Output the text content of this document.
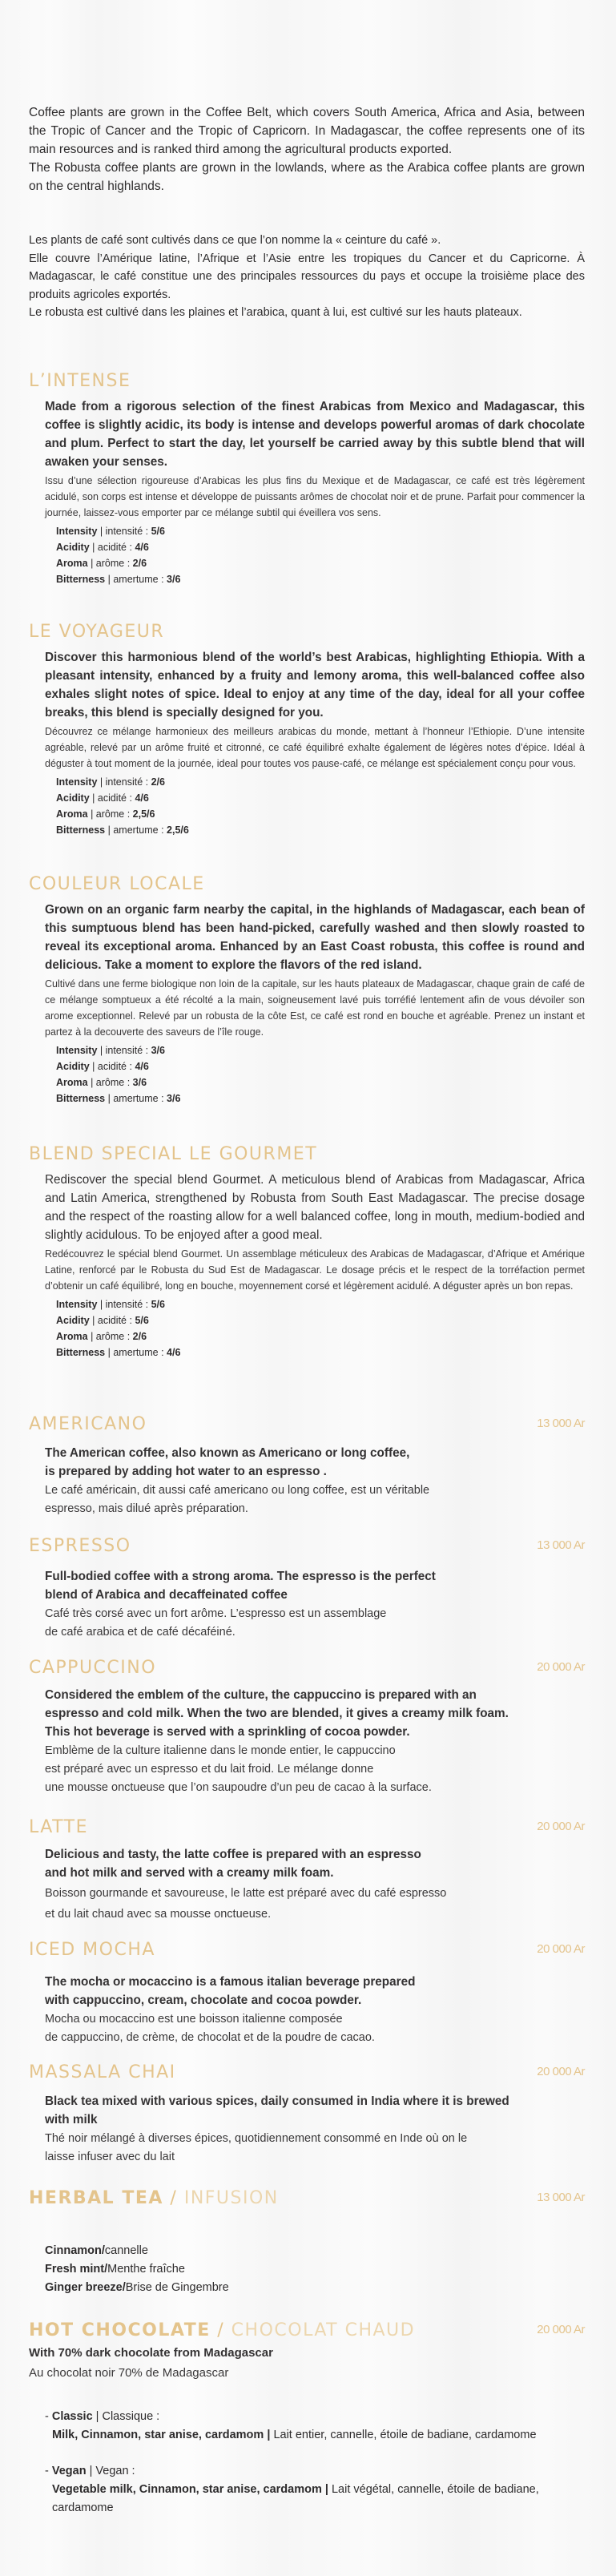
Coffee plants are grown in the Coffee Belt, which covers South America, Africa and Asia, between the Tropic of Cancer and the Tropic of Capricorn. In Madagascar, the coffee represents one of its main resources and is ranked third among the agricultural products exported.

The Robusta coffee plants are grown in the lowlands, where as the Arabica coffee plants are grown on the central highlands.

Les plants de café sont cultivés dans ce que l’on nomme la « ceinture du café ».

Elle couvre l’Amérique latine, l’Afrique et l’Asie entre les tropiques du Cancer et du Capricorne. À Madagascar, le café constitue une des principales ressources du pays et occupe la troisième place des produits agricoles exportés.

Le robusta est cultivé dans les plaines et l’arabica, quant à lui, est cultivé sur les hauts plateaux.

L’INTENSE
Made from a rigorous selection of the finest Arabicas from Mexico and Madagascar, this coffee is slightly acidic, its body is intense and develops powerful aromas of dark chocolate and plum. Perfect to start the day, let yourself be carried away by this subtle blend that will awaken your senses.
Issu d’une sélection rigoureuse d’Arabicas les plus fins du Mexique et de Madagascar, ce café est très légèrement acidulé, son corps est intense et développe de puissants arômes de chocolat noir et de prune. Parfait pour commencer la journée, laissez-vous emporter par ce mélange subtil qui éveillera vos sens.
Intensity | intensité : 5/6
Acidity | acidité : 4/6
Aroma | arôme : 2/6
Bitterness | amertume : 3/6
LE VOYAGEUR
Discover this harmonious blend of the world’s best Arabicas, highlighting Ethiopia. With a pleasant intensity, enhanced by a fruity and lemony aroma, this well-balanced coffee also exhales slight notes of spice. Ideal to enjoy at any time of the day, ideal for all your coffee breaks, this blend is specially designed for you.
Découvrez ce mélange harmonieux des meilleurs arabicas du monde, mettant à l’honneur l’Ethiopie. D’une intensite agréable, relevé par un arôme fruité et citronné, ce café équilibré exhalte également de légères notes d’épice. Idéal à déguster à tout moment de la journée, ideal pour toutes vos pause-café, ce mélange est spécialement conçu pour vous.
Intensity | intensité : 2/6
Acidity | acidité : 4/6
Aroma | arôme : 2,5/6
Bitterness | amertume : 2,5/6
COULEUR LOCALE
Grown on an organic farm nearby the capital, in the highlands of Madagascar, each bean of this sumptuous blend has been hand-picked, carefully washed and then slowly roasted to reveal its exceptional aroma. Enhanced by an East Coast robusta, this coffee is round and delicious. Take a moment to explore the flavors of the red island.
Cultivé dans une ferme biologique non loin de la capitale, sur les hauts plateaux de Madagascar, chaque grain de café de ce mélange somptueux a été récolté a la main, soigneusement lavé puis torréfié lentement afin de vous dévoiler son arome exceptionnel. Relevé par un robusta de la côte Est, ce café est rond en bouche et agréable. Prenez un instant et partez à la decouverte des saveurs de l’île rouge.
Intensity | intensité : 3/6
Acidity | acidité : 4/6
Aroma | arôme : 3/6
Bitterness | amertume : 3/6
BLEND SPECIAL LE GOURMET
Rediscover the special blend Gourmet. A meticulous blend of Arabicas from Madagascar, Africa and Latin America, strengthened by Robusta from South East Madagascar. The precise dosage and the respect of the roasting allow for a well balanced coffee, long in mouth, medium-bodied and slightly acidulous. To be enjoyed after a good meal.
Redécouvrez le spécial blend Gourmet. Un assemblage méticuleux des Arabicas de Madagascar, d’Afrique et Amérique Latine, renforcé par le Robusta du Sud Est de Madagascar. Le dosage précis et le respect de la torréfaction permet d’obtenir un café équilibré, long en bouche, moyennement corsé et légèrement acidulé. A déguster après un bon repas.
Intensity | intensité : 5/6
Acidity | acidité : 5/6
Aroma | arôme : 2/6
Bitterness | amertume : 4/6
AMERICANO	13 000 Ar
The American coffee, also known as Americano or long coffee,
is prepared by adding hot water to an espresso .
Le café américain, dit aussi café americano ou long coffee, est un véritable
espresso, mais dilué après préparation.
ESPRESSO	13 000 Ar
Full-bodied coffee with a strong aroma. The espresso is the perfect
blend of Arabica and decaffeinated coffee
Café très corsé avec un fort arôme. L’espresso est un assemblage
de café arabica et de café décaféiné.
CAPPUCCINO	20 000 Ar
Considered the emblem of the culture, the cappuccino is prepared with an
espresso and cold milk. When the two are blended, it gives a creamy milk foam.
This hot beverage is served with a sprinkling of cocoa powder.
Emblème de la culture italienne dans le monde entier, le cappuccino
est préparé avec un espresso et du lait froid. Le mélange donne
une mousse onctueuse que l’on saupoudre d’un peu de cacao à la surface.
LATTE	20 000 Ar
Delicious and tasty, the latte coffee is prepared with an espresso
and hot milk and served with a creamy milk foam.
Boisson gourmande et savoureuse, le latte est préparé avec du café espresso
et du lait chaud avec sa mousse onctueuse.
ICED MOCHA	20 000 Ar
The mocha or mocaccino is a famous italian beverage prepared
with cappuccino, cream, chocolate and cocoa powder.
Mocha ou mocaccino est une boisson italienne composée
de cappuccino, de crème, de chocolat et de la poudre de cacao.
MASSALA CHAI	20 000 Ar
Black tea mixed with various spices, daily consumed in India where it is brewed
with milk
Thé noir mélangé à diverses épices, quotidiennement consommé en Inde où on le
laisse infuser avec du lait
HERBAL TEA / INFUSION	13 000 Ar
Cinnamon/cannelle
Fresh mint/Menthe fraîche
Ginger breeze/Brise de Gingembre
HOT CHOCOLATE / CHOCOLAT CHAUD	20 000 Ar
With 70% dark chocolate from Madagascar
Au chocolat noir 70% de Madagascar
- Classic | Classique :
Milk, Cinnamon, star anise, cardamom | Lait entier, cannelle, étoile de badiane, cardamome
- Vegan | Vegan :
Vegetable milk, Cinnamon, star anise, cardamom | Lait végétal, cannelle, étoile de badiane, cardamome
